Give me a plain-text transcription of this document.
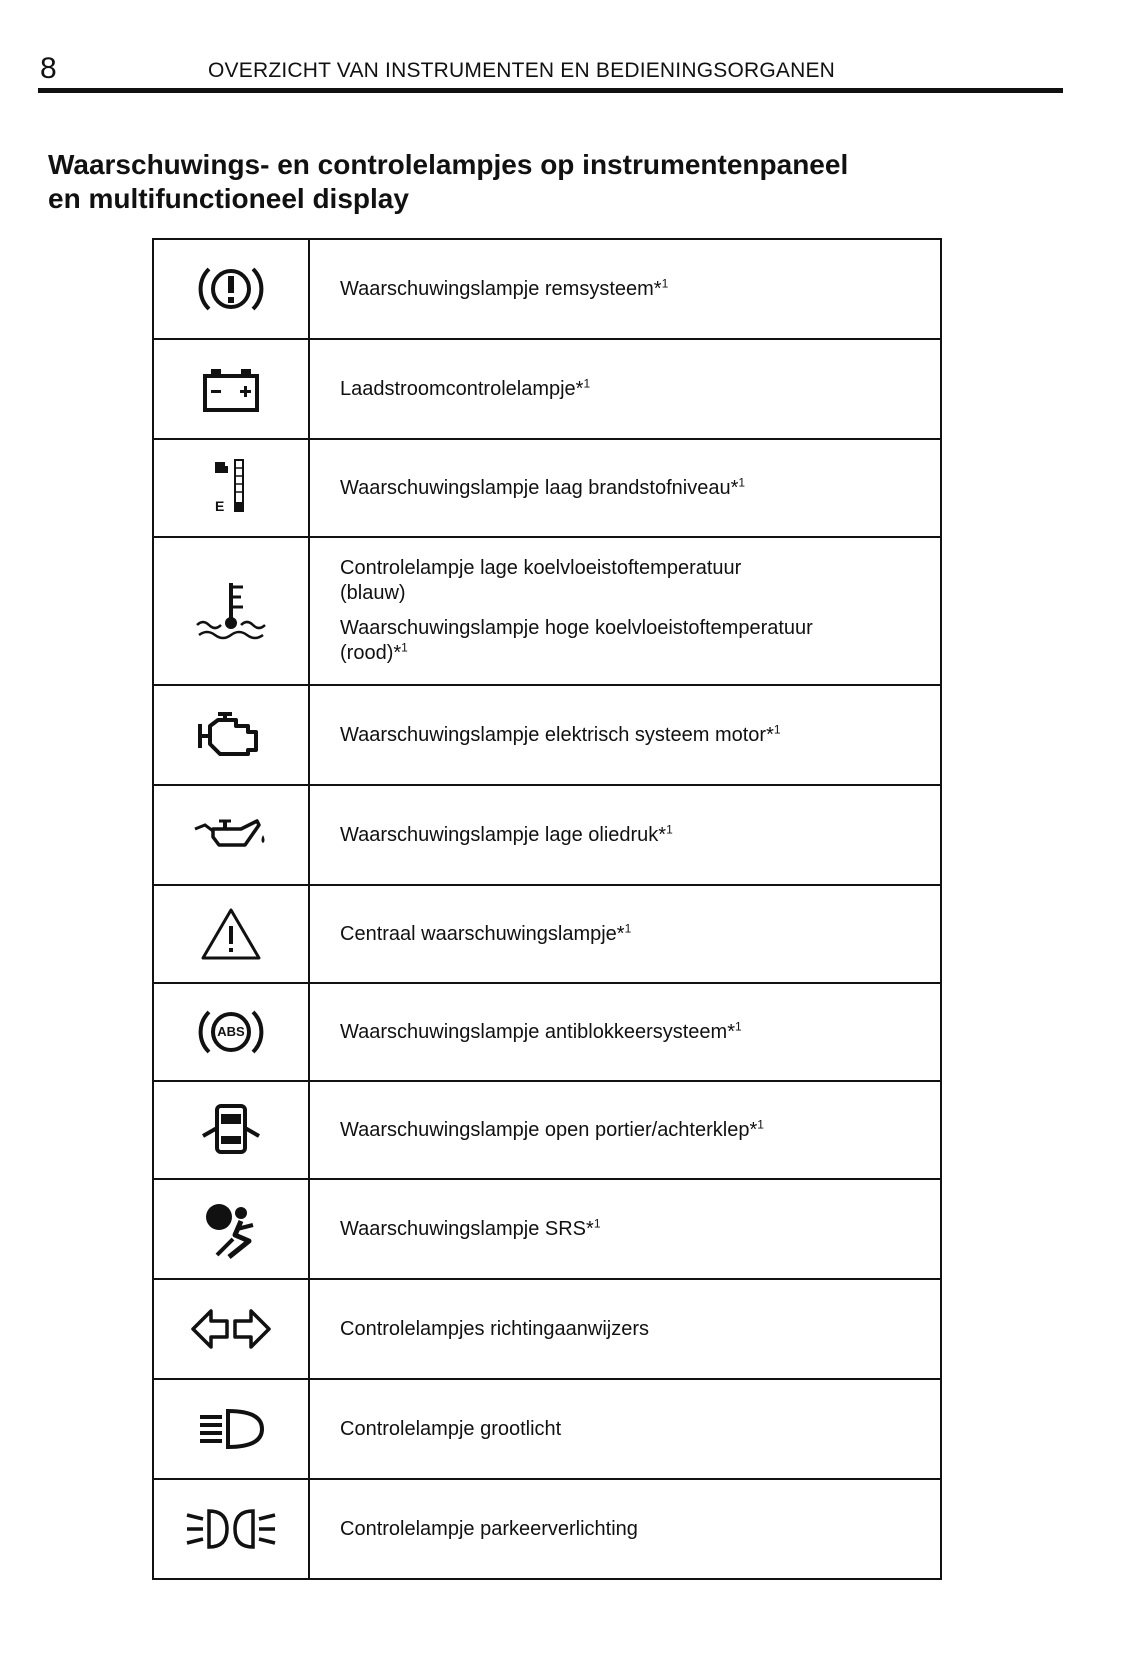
8	OVERZICHT VAN INSTRUMENTEN EN BEDIENINGSORGANEN
Waarschuwings- en controlelampjes op instrumentenpaneel
en multifunctioneel display
	Waarschuwingslampje remsysteem*$^1$

	Laadstroomcontrolelampje*$^1$

E	Waarschuwingslampje laag brandstofniveau*$^1$

Controlelampje lage koelvloeistoftemperatuur
(blauw)

Waarschuwingslampje hoge koelvloeistoftemperatuur
(rood)*$^1$

	Waarschuwingslampje elektrisch systeem motor*$^1$

	Waarschuwingslampje lage oliedruk*$^1$

	Centraal waarschuwingslampje*$^1$

ABS	Waarschuwingslampje antiblokkeersysteem*$^1$

	Waarschuwingslampje open portier/achterklep*$^1$

	Waarschuwingslampje SRS*$^1$

	Controlelampjes richtingaanwijzers

	Controlelampje grootlicht

	Controlelampje parkeerverlichting
